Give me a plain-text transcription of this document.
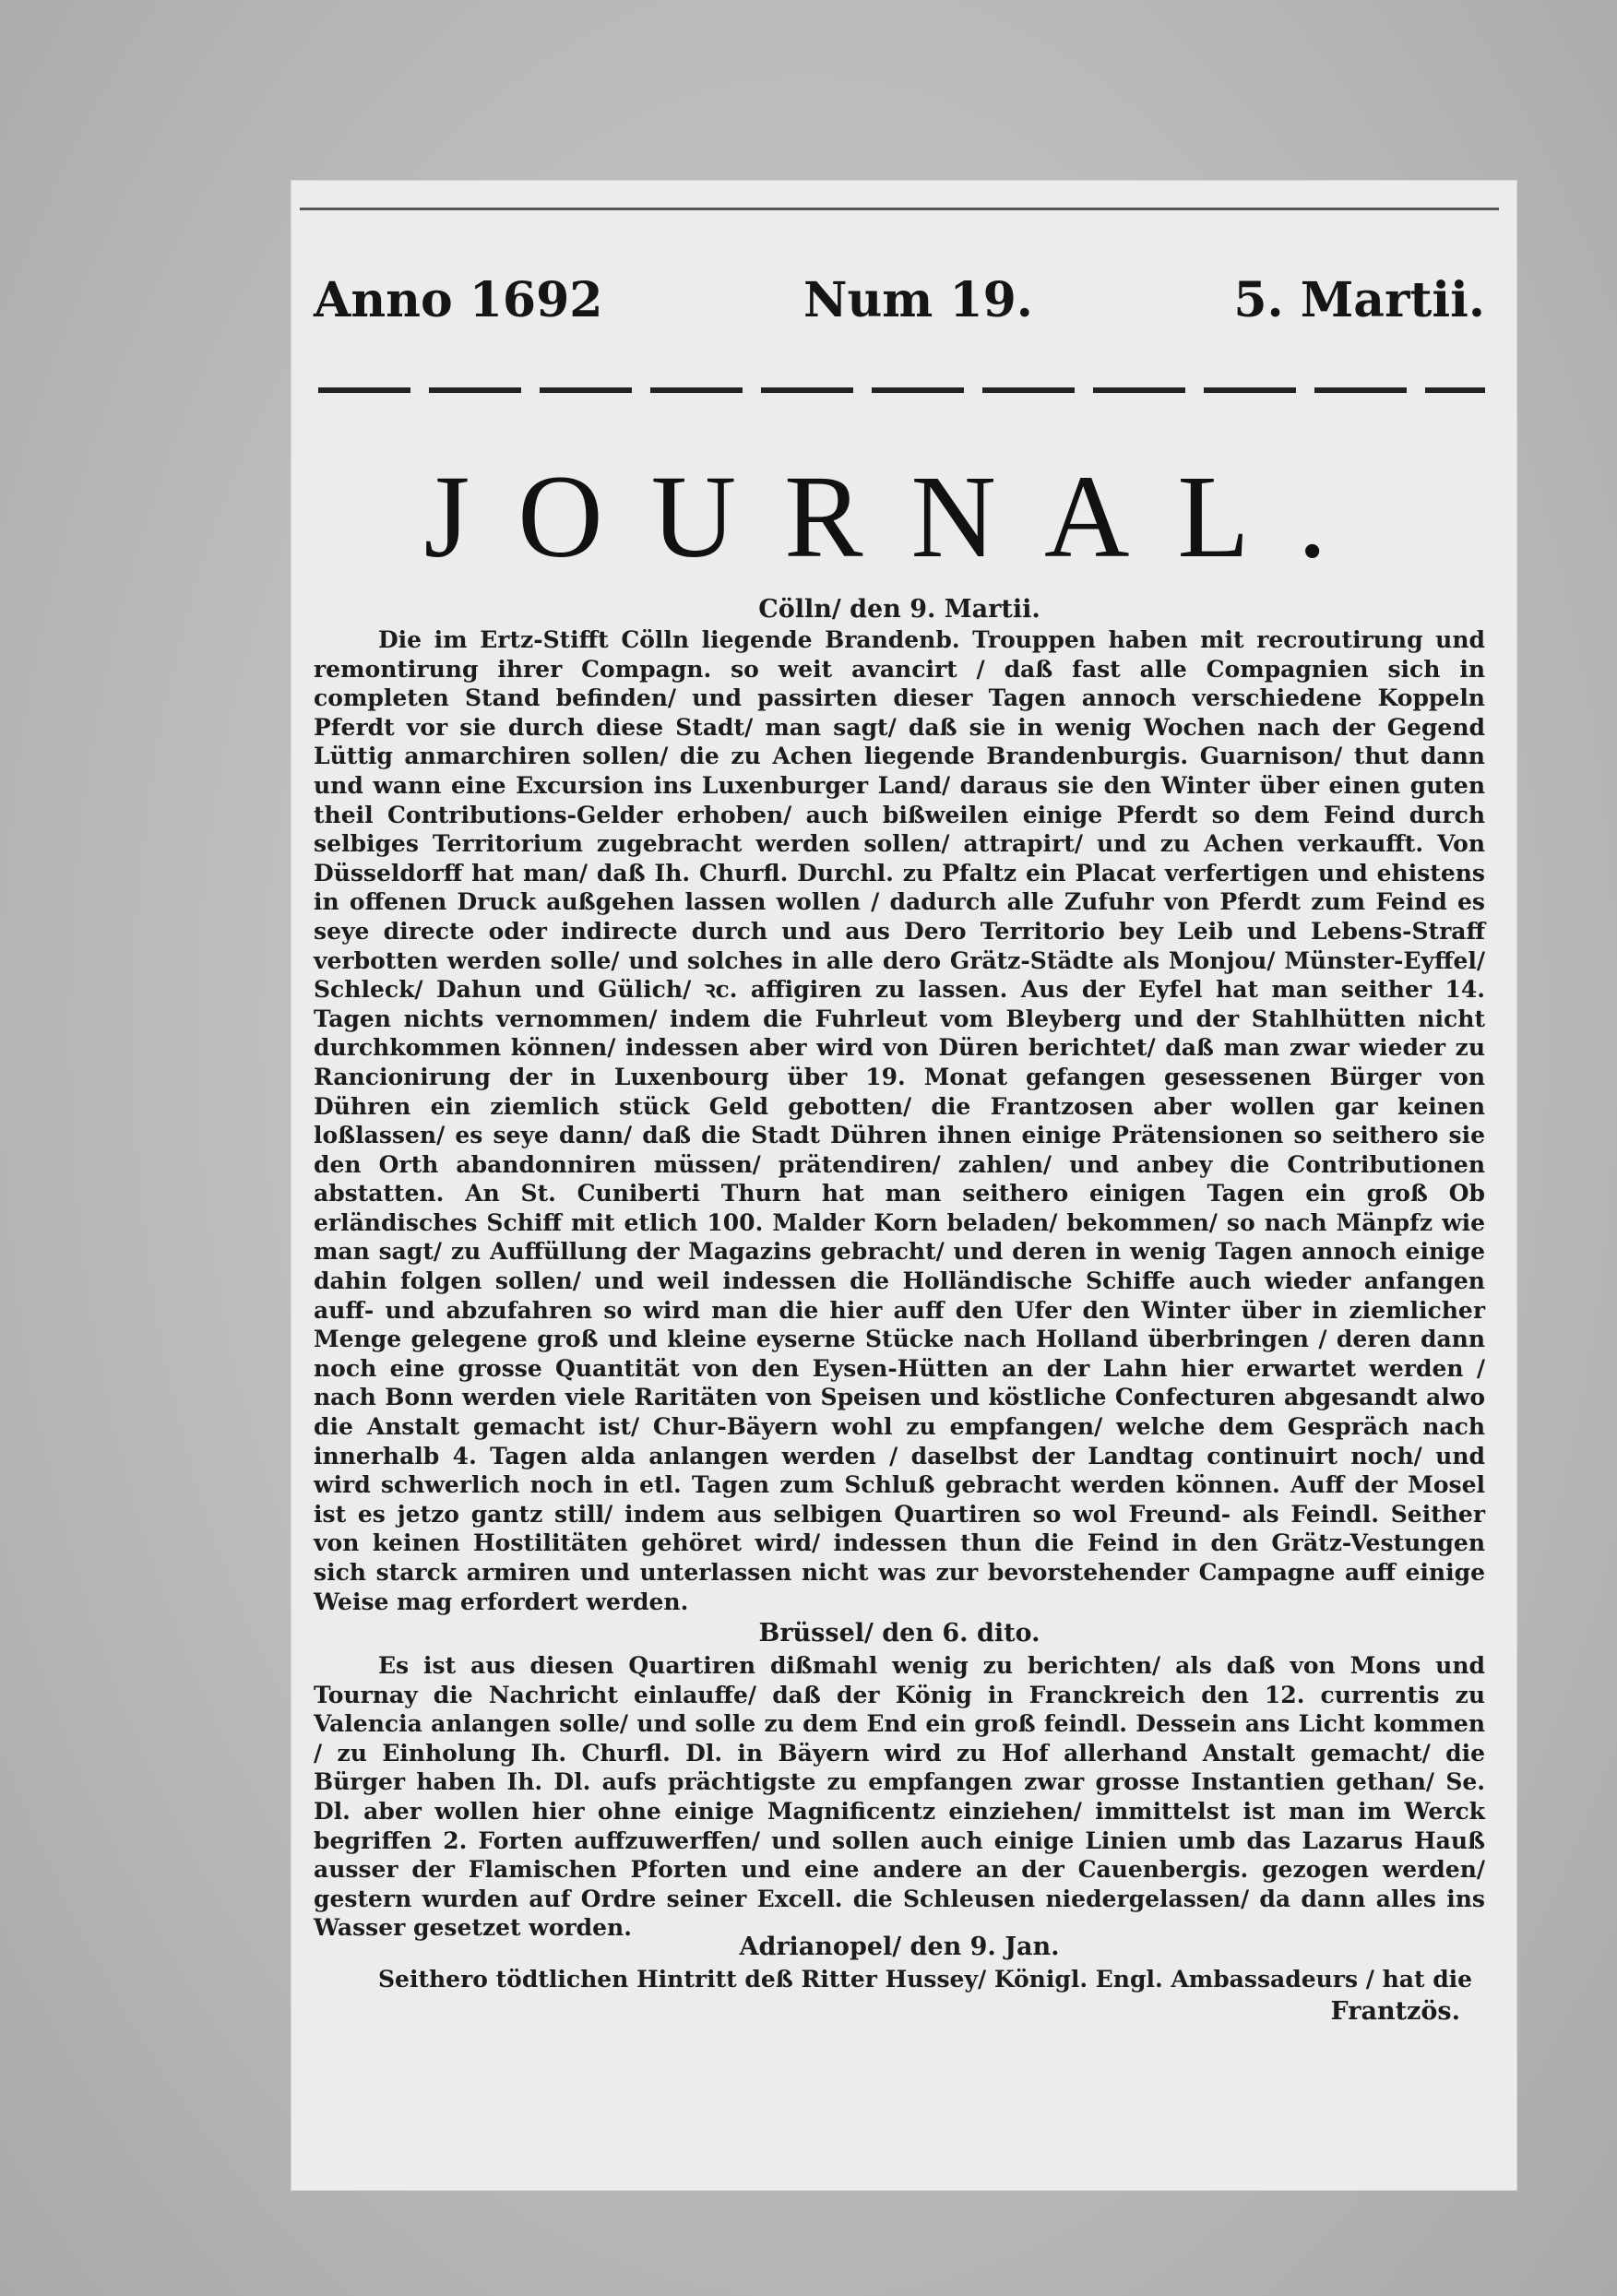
Anno 1692	Num 19.	5. Martii.
JOURNAL.
Cölln/ den 9. Martii.
Die im Ertz-Stifft Cölln liegende Brandenb. Trouppen haben mit recroutirung und remontirung ihrer Compagn. so weit avancirt / daß fast alle Compagnien sich in completen Stand befinden/ und passirten dieser Tagen annoch verschiedene Koppeln Pferdt vor sie durch diese Stadt/ man sagt/ daß sie in wenig Wochen nach der Gegend Lüttig anmarchiren sollen/ die zu Achen liegende Brandenburgis. Guarnison/ thut dann und wann eine Excursion ins Luxenburger Land/ daraus sie den Winter über einen guten theil Contributions-Gelder erhoben/ auch bißweilen einige Pferdt so dem Feind durch selbiges Territorium zugebracht werden sollen/ attrapirt/ und zu Achen verkaufft. Von Düsseldorff hat man/ daß Ih. Churfl. Durchl. zu Pfaltz ein Placat verfertigen und ehistens in offenen Druck außgehen lassen wollen / dadurch alle Zufuhr von Pferdt zum Feind es seye directe oder indirecte durch und aus Dero Territorio bey Leib und Lebens-Straff verbotten werden solle/ und solches in alle dero Grätz-Städte als Monjou/ Münster-Eyffel/ Schleck/ Dahun und Gülich/ ꝛc. affigiren zu lassen. Aus der Eyfel hat man seither 14. Tagen nichts vernommen/ indem die Fuhrleut vom Bleyberg und der Stahlhütten nicht durchkommen können/ indessen aber wird von Düren berichtet/ daß man zwar wieder zu Rancionirung der in Luxenbourg über 19. Monat gefangen gesessenen Bürger von Dühren ein ziemlich stück Geld gebotten/ die Frantzosen aber wollen gar keinen loßlassen/ es seye dann/ daß die Stadt Dühren ihnen einige Prätensionen so seithero sie den Orth abandonniren müssen/ prätendiren/ zahlen/ und anbey die Contributionen abstatten. An St. Cuniberti Thurn hat man seithero einigen Tagen ein groß Ob erländisches Schiff mit etlich 100. Malder Korn beladen/ bekommen/ so nach Mänpfz wie man sagt/ zu Auffüllung der Magazins gebracht/ und deren in wenig Tagen annoch einige dahin folgen sollen/ und weil indessen die Holländische Schiffe auch wieder anfangen auff- und abzufahren so wird man die hier auff den Ufer den Winter über in ziemlicher Menge gelegene groß und kleine eyserne Stücke nach Holland überbringen / deren dann noch eine grosse Quantität von den Eysen-Hütten an der Lahn hier erwartet werden / nach Bonn werden viele Raritäten von Speisen und köstliche Confecturen abgesandt alwo die Anstalt gemacht ist/ Chur-Bäyern wohl zu empfangen/ welche dem Gespräch nach innerhalb 4. Tagen alda anlangen werden / daselbst der Landtag continuirt noch/ und wird schwerlich noch in etl. Tagen zum Schluß gebracht werden können. Auff der Mosel ist es jetzo gantz still/ indem aus selbigen Quartiren so wol Freund- als Feindl. Seither von keinen Hostilitäten gehöret wird/ indessen thun die Feind in den Grätz-Vestungen sich starck armiren und unterlassen nicht was zur bevorstehender Campagne auff einige Weise mag erfordert werden.
Brüssel/ den 6. dito.
Es ist aus diesen Quartiren dißmahl wenig zu berichten/ als daß von Mons und Tournay die Nachricht einlauffe/ daß der König in Franckreich den 12. currentis zu Valencia anlangen solle/ und solle zu dem End ein groß feindl. Dessein ans Licht kommen / zu Einholung Ih. Churfl. Dl. in Bäyern wird zu Hof allerhand Anstalt gemacht/ die Bürger haben Ih. Dl. aufs prächtigste zu empfangen zwar grosse Instantien gethan/ Se. Dl. aber wollen hier ohne einige Magnificentz einziehen/ immittelst ist man im Werck begriffen 2. Forten auffzuwerffen/ und sollen auch einige Linien umb das Lazarus Hauß ausser der Flamischen Pforten und eine andere an der Cauenbergis. gezogen werden/ gestern wurden auf Ordre seiner Excell. die Schleusen niedergelassen/ da dann alles ins Wasser gesetzet worden.
Adrianopel/ den 9. Jan.
Seithero tödtlichen Hintritt deß Ritter Hussey/ Königl. Engl. Ambassadeurs / hat die
Frantzös.
